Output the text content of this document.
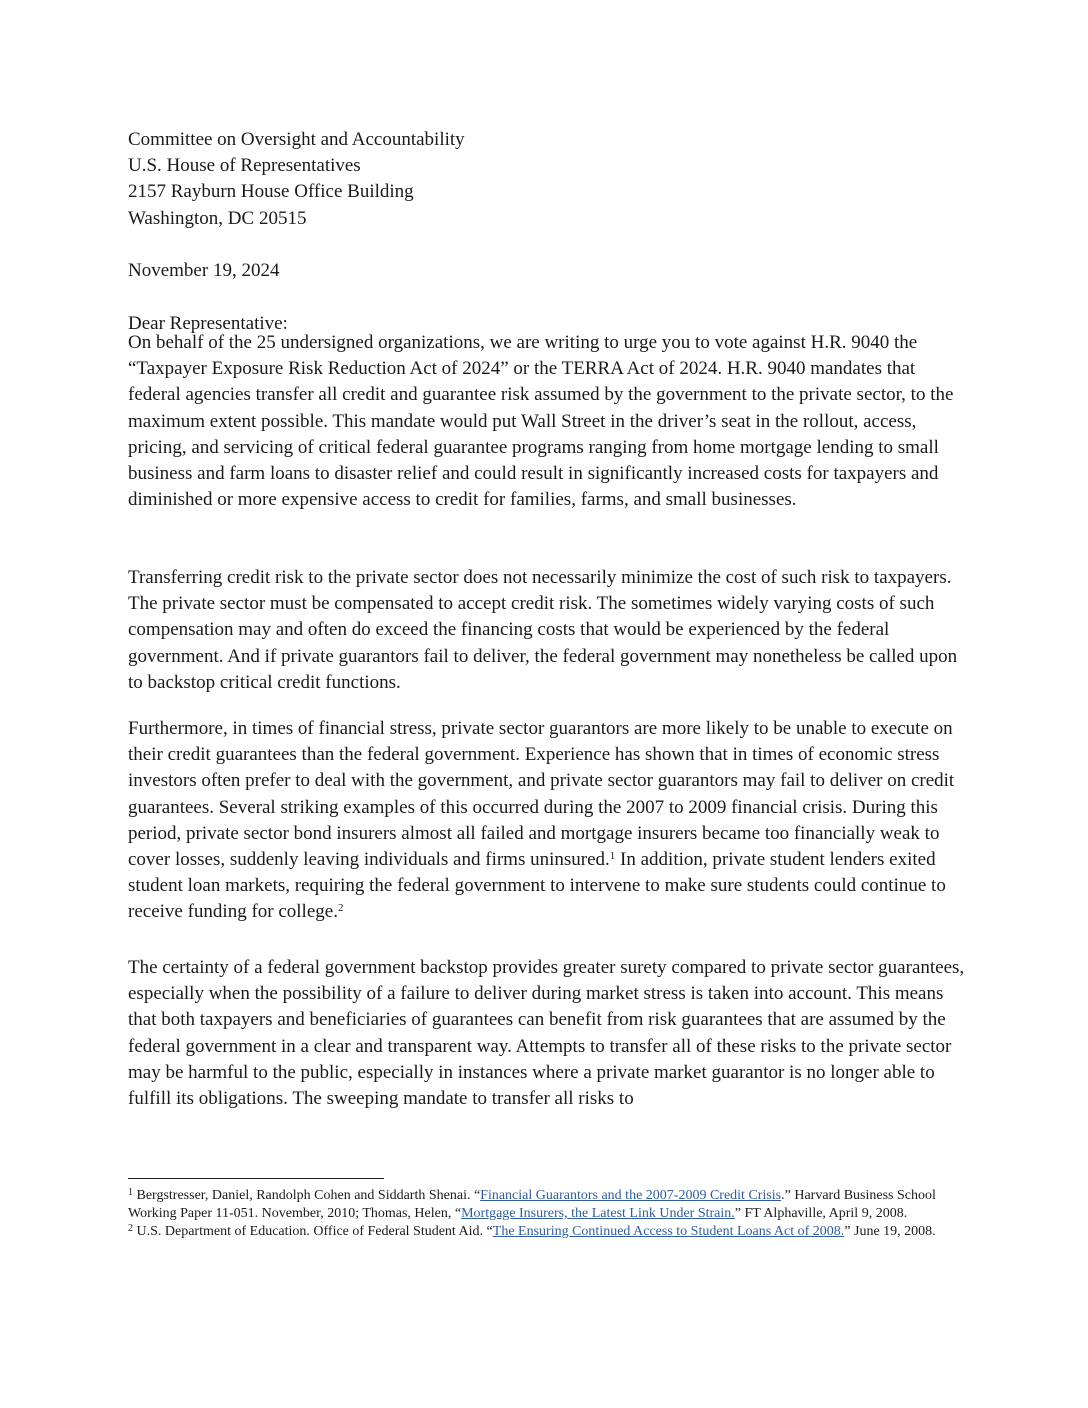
Committee on Oversight and Accountability
U.S. House of Representatives
2157 Rayburn House Office Building
Washington, DC 20515
November 19, 2024
Dear Representative:

On behalf of the 25 undersigned organizations, we are writing to urge you to vote against H.R. 9040 the “Taxpayer Exposure Risk Reduction Act of 2024” or the TERRA Act of 2024. H.R. 9040 mandates that federal agencies transfer all credit and guarantee risk assumed by the government to the private sector, to the maximum extent possible. This mandate would put Wall Street in the driver’s seat in the rollout, access, pricing, and servicing of critical federal guarantee programs ranging from home mortgage lending to small business and farm loans to disaster relief and could result in significantly increased costs for taxpayers and diminished or more expensive access to credit for families, farms, and small businesses.

Transferring credit risk to the private sector does not necessarily minimize the cost of such risk to taxpayers. The private sector must be compensated to accept credit risk. The sometimes widely varying costs of such compensation may and often do exceed the financing costs that would be experienced by the federal government. And if private guarantors fail to deliver, the federal government may nonetheless be called upon to backstop critical credit functions.

Furthermore, in times of financial stress, private sector guarantors are more likely to be unable to execute on their credit guarantees than the federal government. Experience has shown that in times of economic stress investors often prefer to deal with the government, and private sector guarantors may fail to deliver on credit guarantees. Several striking examples of this occurred during the 2007 to 2009 financial crisis. During this period, private sector bond insurers almost all failed and mortgage insurers became too financially weak to cover losses, suddenly leaving individuals and firms uninsured.$^1$ In addition, private student lenders exited student loan markets, requiring the federal government to intervene to make sure students could continue to receive funding for college.$^2$

The certainty of a federal government backstop provides greater surety compared to private sector guarantees, especially when the possibility of a failure to deliver during market stress is taken into account. This means that both taxpayers and beneficiaries of guarantees can benefit from risk guarantees that are assumed by the federal government in a clear and transparent way. Attempts to transfer all of these risks to the private sector may be harmful to the public, especially in instances where a private market guarantor is no longer able to fulfill its obligations. The sweeping mandate to transfer all risks to

$^1$ Bergstresser, Daniel, Randolph Cohen and Siddarth Shenai. “Financial Guarantors and the 2007-2009 Credit Crisis.” Harvard Business School Working Paper 11-051. November, 2010; Thomas, Helen, “Mortgage Insurers, the Latest Link Under Strain.” FT Alphaville, April 9, 2008.

$^2$ U.S. Department of Education. Office of Federal Student Aid. “The Ensuring Continued Access to Student Loans Act of 2008.” June 19, 2008.
